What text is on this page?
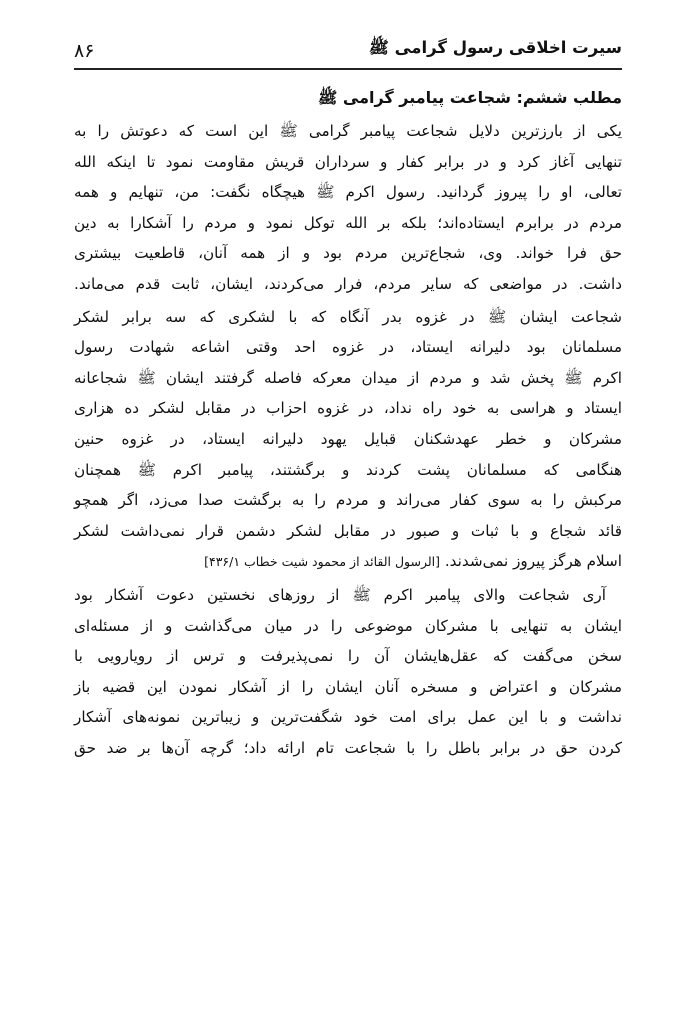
سیرت اخلاقی رسول گرامی ﷺ
۸۶
مطلب ششم: شجاعت پیامبر گرامی ﷺ

یکی از بارزترین دلایل شجاعت پیامبر گرامی ﷺ این است که دعوتش را به
تنهایی آغاز کرد و در برابر کفار و سرداران قریش مقاومت نمود تا اینکه الله
تعالی، او را پیروز گردانید. رسول اکرم ﷺ هیچگاه نگفت: من، تنهایم و همه
مردم در برابرم ایستاده‌اند؛ بلکه بر الله توکل نمود و مردم را آشکارا به دین
حق فرا خواند. وی، شجاع‌ترین مردم بود و از همه آنان، قاطعیت بیشتری
داشت. در مواضعی که سایر مردم، فرار می‌کردند، ایشان، ثابت قدم می‌ماند.

شجاعت ایشان ﷺ در غزوه بدر آنگاه که با لشکری که سه برابر لشکر
مسلمانان بود دلیرانه ایستاد، در غزوه احد وقتی اشاعه شهادت رسول
اکرم ﷺ پخش شد و مردم از میدان معرکه فاصله گرفتند ایشان ﷺ شجاعانه
ایستاد و هراسی به خود راه نداد، در غزوه احزاب در مقابل لشکر ده هزاری
مشرکان و خطر عهدشکنان قبایل یهود دلیرانه ایستاد، در غزوه حنین
هنگامی که مسلمانان پشت کردند و برگشتند، پیامبر اکرم ﷺ همچنان
مرکبش را به سوی کفار می‌راند و مردم را به برگشت صدا می‌زد، اگر همچو
قائد شجاع و با ثبات و صبور در مقابل لشکر دشمن قرار نمی‌داشت لشکر
اسلام هرگز پیروز نمی‌شدند. [الرسول القائد از محمود شیت خطاب ۴۳۶/۱]

آری شجاعت والای پیامبر اکرم ﷺ از روزهای نخستین دعوت آشکار بود
ایشان به تنهایی با مشرکان موضوعی را در میان می‌گذاشت و از مسئله‌ای
سخن می‌گفت که عقل‌هایشان آن را نمی‌پذیرفت و ترس از رویارویی با
مشرکان و اعتراض و مسخره آنان ایشان را از آشکار نمودن این قضیه باز
نداشت و با این عمل برای امت خود شگفت‌ترین و زیباترین نمونه‌های آشکار
کردن حق در برابر باطل را با شجاعت تام ارائه داد؛ گرچه آن‌ها بر ضد حق
